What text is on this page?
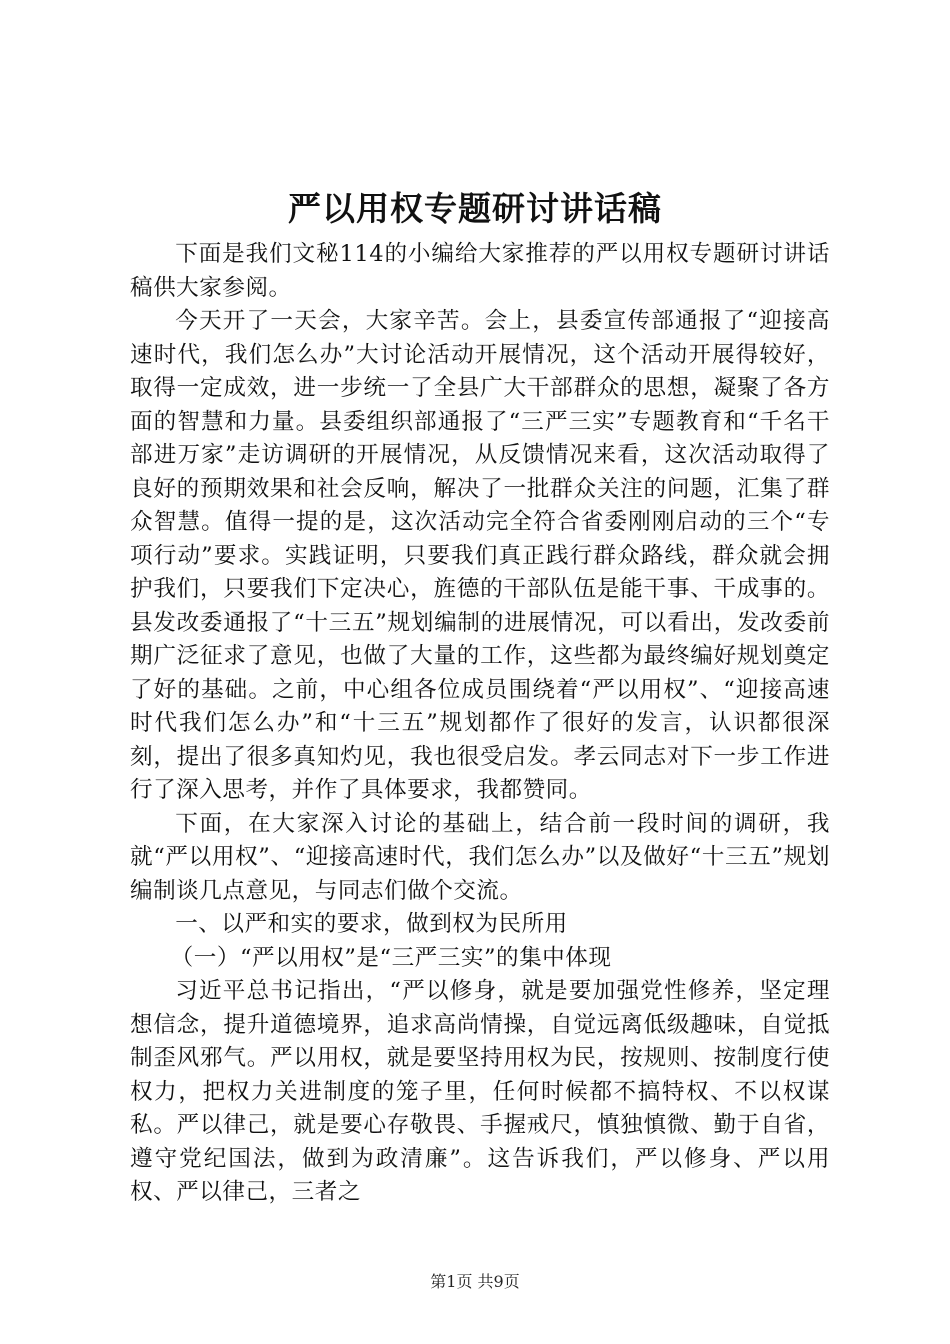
严以用权专题研讨讲话稿

下面是我们文秘114的小编给大家推荐的严以用权专题研讨讲话稿供大家参阅。

今天开了一天会，大家辛苦。会上，县委宣传部通报了“迎接高速时代，我们怎么办”大讨论活动开展情况，这个活动开展得较好，取得一定成效，进一步统一了全县广大干部群众的思想，凝聚了各方面的智慧和力量。县委组织部通报了“三严三实”专题教育和“千名干部进万家”走访调研的开展情况，从反馈情况来看，这次活动取得了良好的预期效果和社会反响，解决了一批群众关注的问题，汇集了群众智慧。值得一提的是，这次活动完全符合省委刚刚启动的三个“专项行动”要求。实践证明，只要我们真正践行群众路线，群众就会拥护我们，只要我们下定决心，旌德的干部队伍是能干事、干成事的。县发改委通报了“十三五”规划编制的进展情况，可以看出，发改委前期广泛征求了意见，也做了大量的工作，这些都为最终编好规划奠定了好的基础。之前，中心组各位成员围绕着“严以用权”、“迎接高速时代我们怎么办”和“十三五”规划都作了很好的发言，认识都很深刻，提出了很多真知灼见，我也很受启发。孝云同志对下一步工作进行了深入思考，并作了具体要求，我都赞同。

下面，在大家深入讨论的基础上，结合前一段时间的调研，我就“严以用权”、“迎接高速时代，我们怎么办”以及做好“十三五”规划编制谈几点意见，与同志们做个交流。

一、以严和实的要求，做到权为民所用

（一）“严以用权”是“三严三实”的集中体现

习近平总书记指出，“严以修身，就是要加强党性修养，坚定理想信念，提升道德境界，追求高尚情操，自觉远离低级趣味，自觉抵制歪风邪气。严以用权，就是要坚持用权为民，按规则、按制度行使权力，把权力关进制度的笼子里，任何时候都不搞特权、不以权谋私。严以律己，就是要心存敬畏、手握戒尺，慎独慎微、勤于自省，遵守党纪国法，做到为政清廉”。这告诉我们，严以修身、严以用权、严以律己，三者之

第1页 共9页
